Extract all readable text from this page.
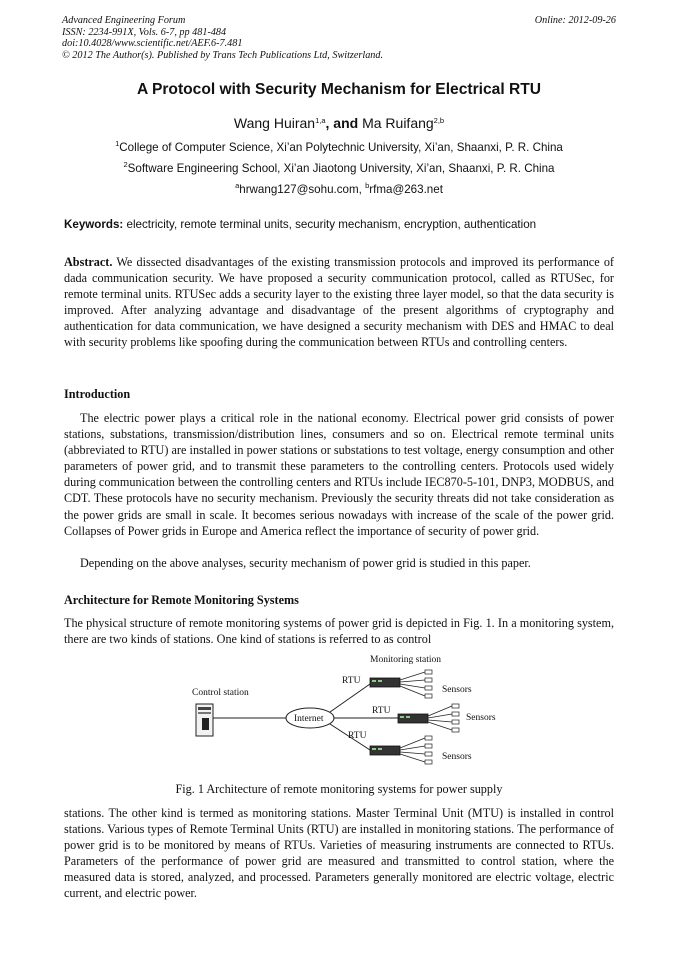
Advanced Engineering Forum
ISSN: 2234-991X, Vols. 6-7, pp 481-484
doi:10.4028/www.scientific.net/AEF.6-7.481
© 2012 The Author(s). Published by Trans Tech Publications Ltd, Switzerland.
Online: 2012-09-26
A Protocol with Security Mechanism for Electrical RTU
Wang Huiran$^{1,a}$, and Ma Ruifang$^{2,b}$
$^1$College of Computer Science, Xi’an Polytechnic University, Xi’an, Shaanxi, P. R. China
$^2$Software Engineering School, Xi’an Jiaotong University, Xi’an, Shaanxi, P. R. China
$^a$hrwang127@sohu.com, $^b$rfma@263.net
Keywords: electricity, remote terminal units, security mechanism, encryption, authentication
Abstract. We dissected disadvantages of the existing transmission protocols and improved its performance of dada communication security. We have proposed a security communication protocol, called as RTUSec, for remote terminal units. RTUSec adds a security layer to the existing three layer model, so that the data security is improved. After analyzing advantage and disadvantage of the present algorithms of cryptography and authentication for data communication, we have designed a security mechanism with DES and HMAC to deal with security problems like spoofing during the communication between RTUs and controlling centers.
Introduction
The electric power plays a critical role in the national economy. Electrical power grid consists of power stations, substations, transmission/distribution lines, consumers and so on. Electrical remote terminal units (abbreviated to RTU) are installed in power stations or substations to test voltage, energy consumption and other parameters of power grid, and to transmit these parameters to the controlling centers. Protocols used widely during communication between the controlling centers and RTUs include IEC870-5-101, DNP3, MODBUS, and CDT. These protocols have no security mechanism. Previously the security threats did not take consideration as the power grids are small in scale. It becomes serious nowadays with increase of the scale of the power grid. Collapses of Power grids in Europe and America reflect the importance of security of power grid.
Depending on the above analyses, security mechanism of power grid is studied in this paper.
Architecture for Remote Monitoring Systems
The physical structure of remote monitoring systems of power grid is depicted in Fig. 1. In a monitoring system, there are two kinds of stations. One kind of stations is referred to as control
Monitoring station
Control station
Internet
RTU
Sensors
RTU
Sensors
RTU
Sensors
Fig. 1 Architecture of remote monitoring systems for power supply
stations. The other kind is termed as monitoring stations. Master Terminal Unit (MTU) is installed in control stations. Various types of Remote Terminal Units (RTU) are installed in monitoring stations. The performance of power grid is to be monitored by means of RTUs. Varieties of measuring instruments are connected to RTUs. Parameters of the performance of power grid are measured and transmitted to control station, where the measured data is stored, analyzed, and processed. Parameters generally monitored are electric voltage, electric current, and electric power.
